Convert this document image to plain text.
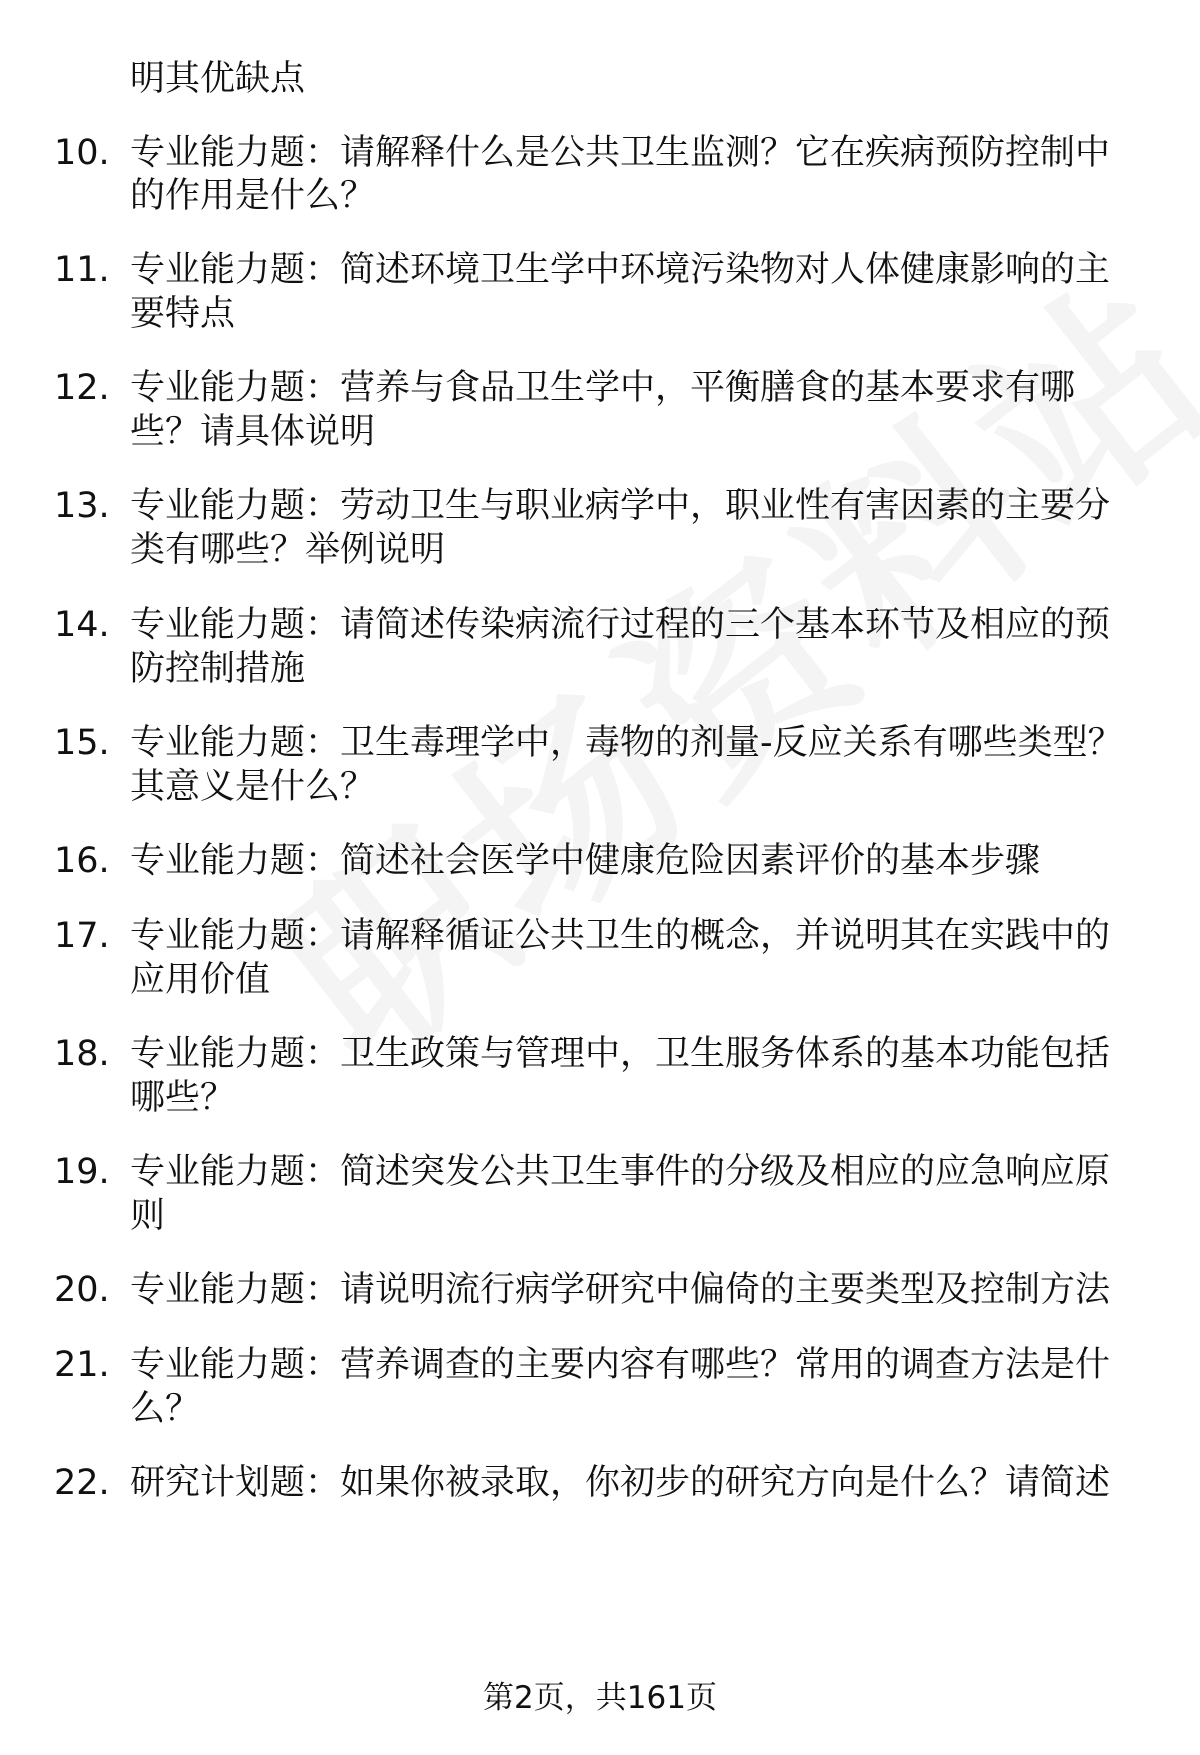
明其优缺点
10. 专业能力题：请解释什么是公共卫生监测？它在疾病预防控制中
的作用是什么？
11. 专业能力题：简述环境卫生学中环境污染物对人体健康影响的主
要特点
12. 专业能力题：营养与食品卫生学中，平衡膳食的基本要求有哪
些？请具体说明
13. 专业能力题：劳动卫生与职业病学中，职业性有害因素的主要分
类有哪些？举例说明
14. 专业能力题：请简述传染病流行过程的三个基本环节及相应的预
防控制措施
15. 专业能力题：卫生毒理学中，毒物的剂量-反应关系有哪些类型？
其意义是什么？
16. 专业能力题：简述社会医学中健康危险因素评价的基本步骤
17. 专业能力题：请解释循证公共卫生的概念，并说明其在实践中的
应用价值
18. 专业能力题：卫生政策与管理中，卫生服务体系的基本功能包括
哪些？
19. 专业能力题：简述突发公共卫生事件的分级及相应的应急响应原
则
20. 专业能力题：请说明流行病学研究中偏倚的主要类型及控制方法
21. 专业能力题：营养调查的主要内容有哪些？常用的调查方法是什
么？
22. 研究计划题：如果你被录取，你初步的研究方向是什么？请简述
第2页，共161页
